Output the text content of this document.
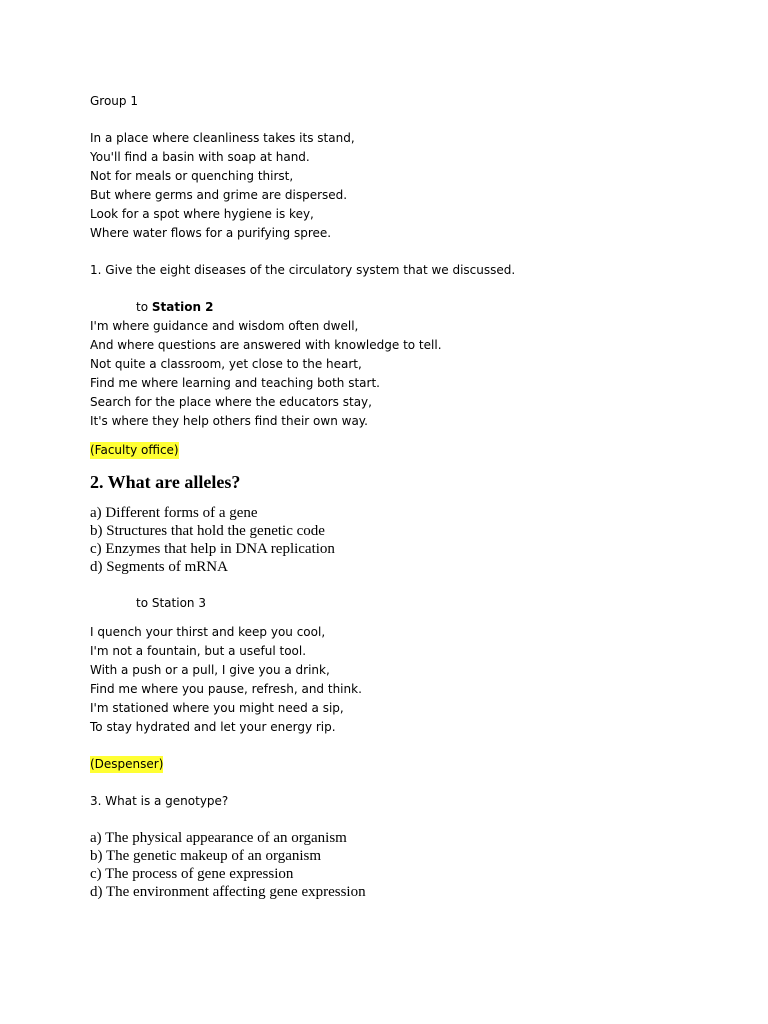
Group 1
In a place where cleanliness takes its stand,
You'll find a basin with soap at hand.
Not for meals or quenching thirst,
But where germs and grime are dispersed.
Look for a spot where hygiene is key,
Where water flows for a purifying spree.
1. Give the eight diseases of the circulatory system that we discussed.
to Station 2
I'm where guidance and wisdom often dwell,
And where questions are answered with knowledge to tell.
Not quite a classroom, yet close to the heart,
Find me where learning and teaching both start.
Search for the place where the educators stay,
It's where they help others find their own way.
(Faculty office)
2. What are alleles?
a) Different forms of a gene
b) Structures that hold the genetic code
c) Enzymes that help in DNA replication
d) Segments of mRNA
to Station 3
I quench your thirst and keep you cool,
I'm not a fountain, but a useful tool.
With a push or a pull, I give you a drink,
Find me where you pause, refresh, and think.
I'm stationed where you might need a sip,
To stay hydrated and let your energy rip.
(Despenser)
3. What is a genotype?
a) The physical appearance of an organism
b) The genetic makeup of an organism
c) The process of gene expression
d) The environment affecting gene expression
